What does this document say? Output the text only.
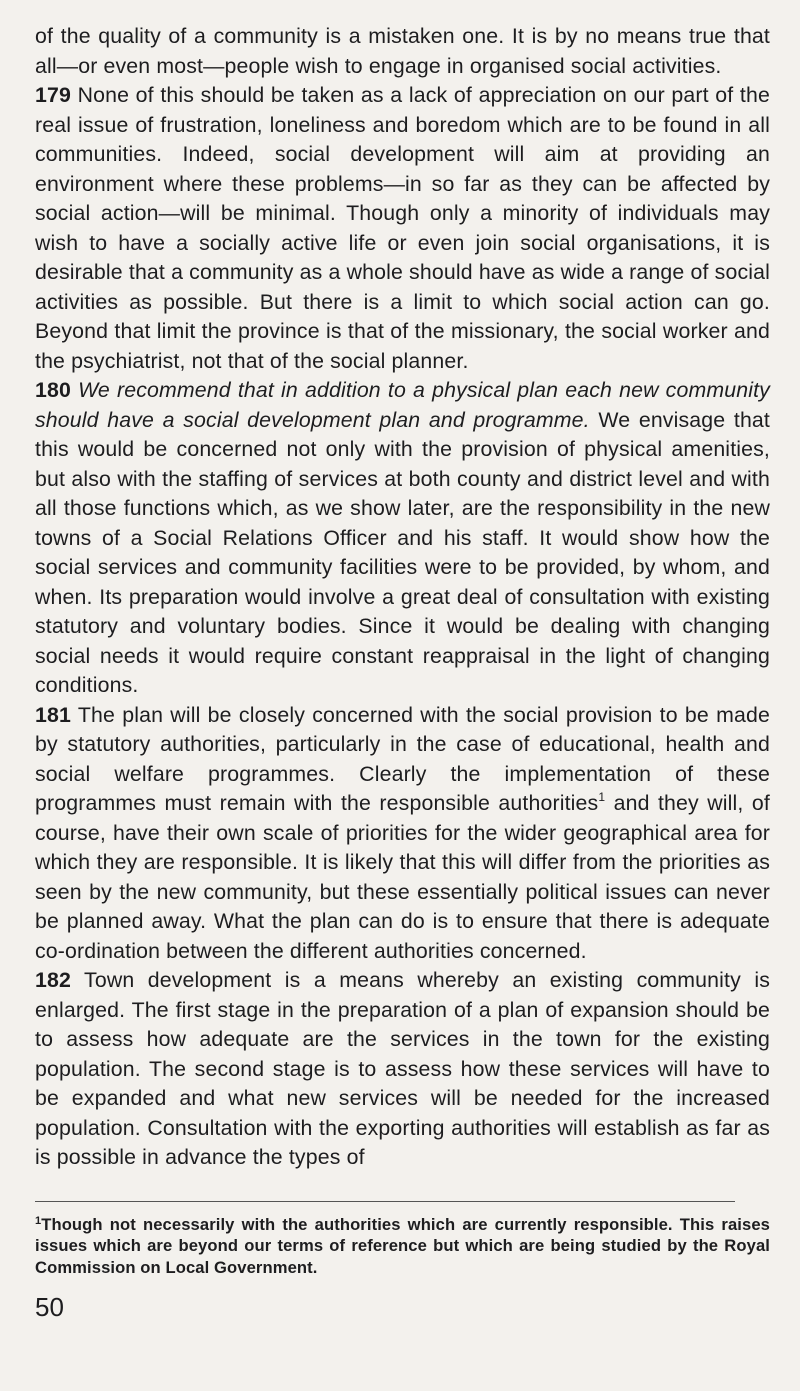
of the quality of a community is a mistaken one. It is by no means true that all—or even most—people wish to engage in organised social activities.

179 None of this should be taken as a lack of appreciation on our part of the real issue of frustration, loneliness and boredom which are to be found in all communities. Indeed, social development will aim at providing an environment where these problems—in so far as they can be affected by social action—will be minimal. Though only a minority of individuals may wish to have a socially active life or even join social organisations, it is desirable that a community as a whole should have as wide a range of social activities as possible. But there is a limit to which social action can go. Beyond that limit the province is that of the missionary, the social worker and the psychiatrist, not that of the social planner.

180 We recommend that in addition to a physical plan each new community should have a social development plan and programme. We envisage that this would be concerned not only with the provision of physical amenities, but also with the staffing of services at both county and district level and with all those functions which, as we show later, are the responsibility in the new towns of a Social Relations Officer and his staff. It would show how the social services and community facilities were to be provided, by whom, and when. Its preparation would involve a great deal of consultation with existing statutory and voluntary bodies. Since it would be dealing with changing social needs it would require constant reappraisal in the light of changing conditions.

181 The plan will be closely concerned with the social provision to be made by statutory authorities, particularly in the case of educational, health and social welfare programmes. Clearly the implementation of these programmes must remain with the responsible authorities$^1$ and they will, of course, have their own scale of priorities for the wider geographical area for which they are responsible. It is likely that this will differ from the priorities as seen by the new community, but these essentially political issues can never be planned away. What the plan can do is to ensure that there is adequate co-ordination between the different authorities concerned.

182 Town development is a means whereby an existing community is enlarged. The first stage in the preparation of a plan of expansion should be to assess how adequate are the services in the town for the existing population. The second stage is to assess how these services will have to be expanded and what new services will be needed for the increased population. Consultation with the exporting authorities will establish as far as is possible in advance the types of

$^1$Though not necessarily with the authorities which are currently responsible. This raises issues which are beyond our terms of reference but which are being studied by the Royal Commission on Local Government.

50
